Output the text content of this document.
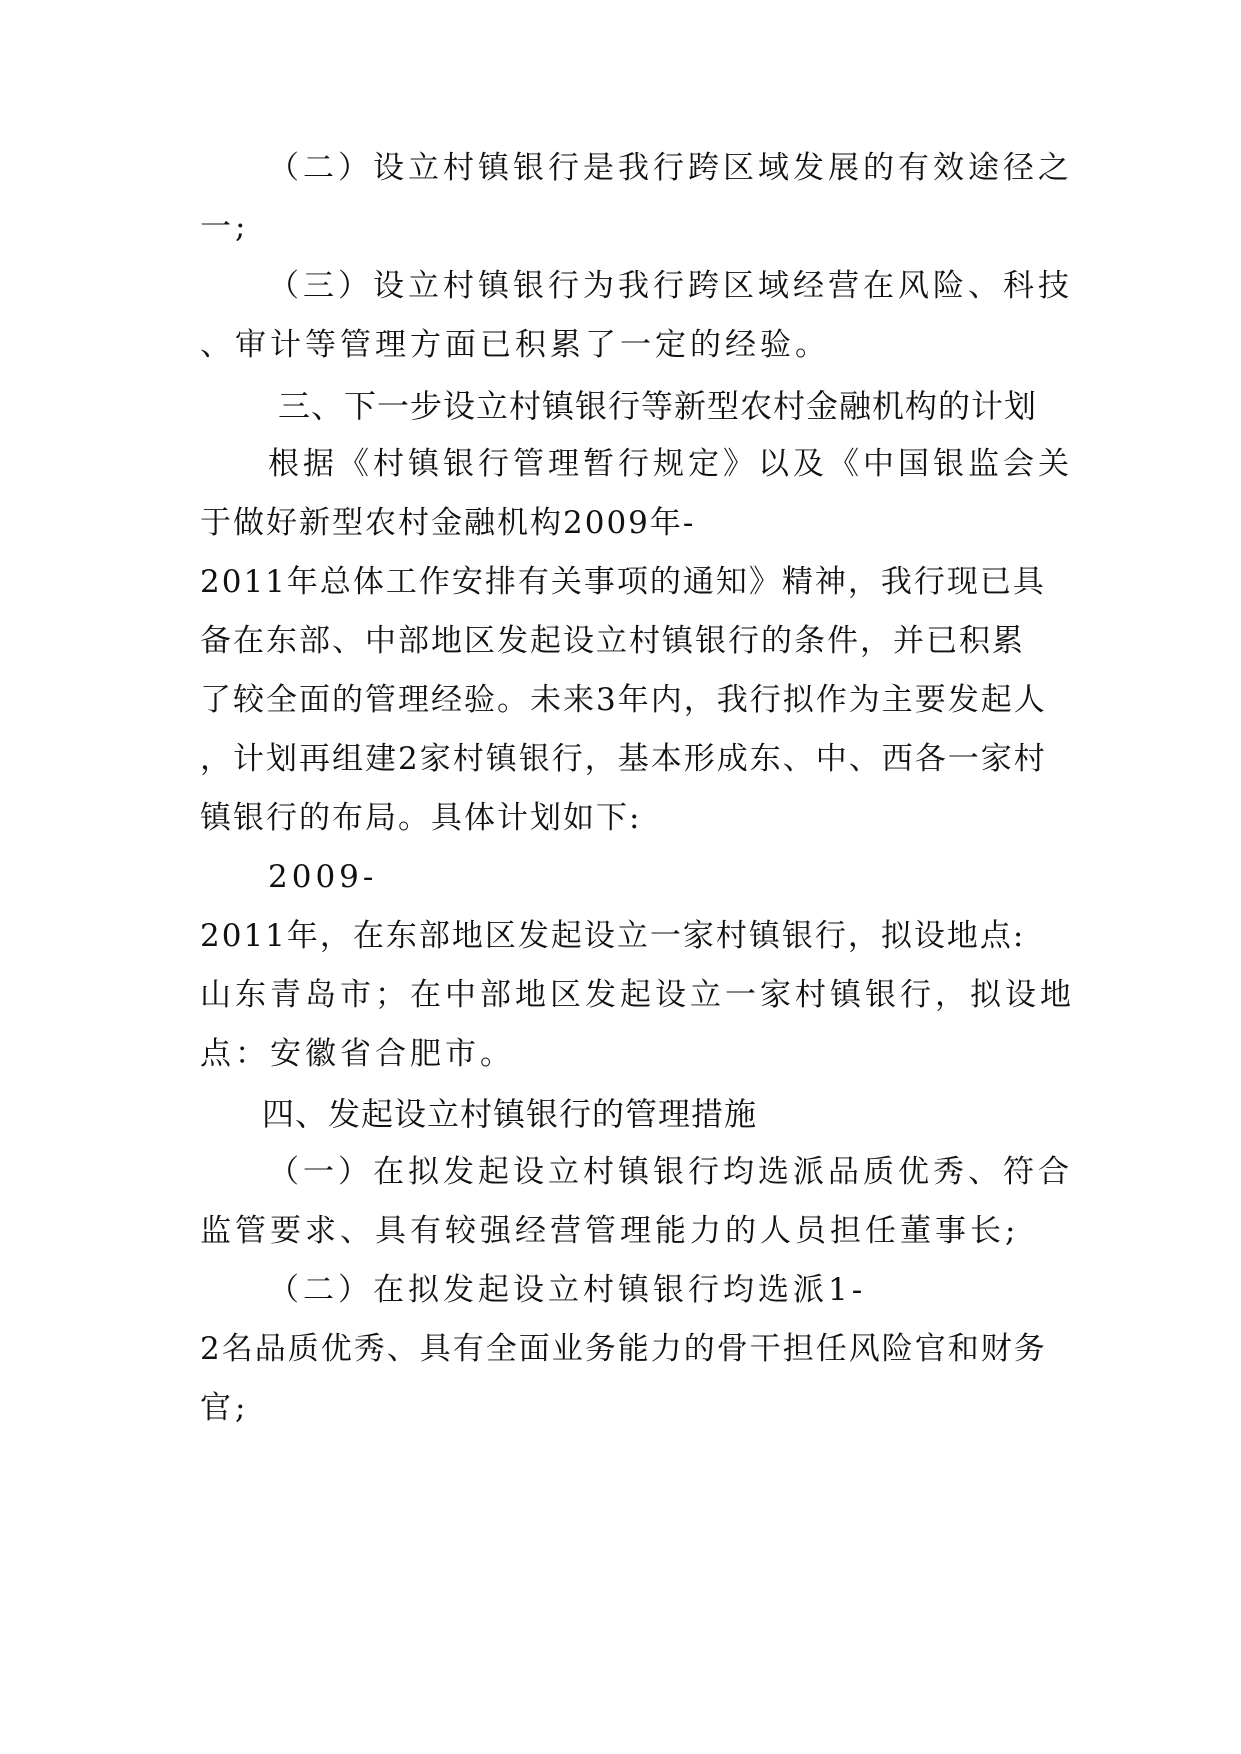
（二）设立村镇银行是我行跨区域发展的有效途径之
一;
（三）设立村镇银行为我行跨区域经营在风险、科技
、审计等管理方面已积累了一定的经验。
三、下一步设立村镇银行等新型农村金融机构的计划
根据《村镇银行管理暂行规定》以及《中国银监会关
于做好新型农村金融机构2009年-
2011年总体工作安排有关事项的通知》精神，我行现已具
备在东部、中部地区发起设立村镇银行的条件，并已积累
了较全面的管理经验。未来3年内，我行拟作为主要发起人
，计划再组建2家村镇银行，基本形成东、中、西各一家村
镇银行的布局。具体计划如下:
2009-
2011年，在东部地区发起设立一家村镇银行，拟设地点:
山东青岛市；在中部地区发起设立一家村镇银行，拟设地
点：安徽省合肥市。
四、发起设立村镇银行的管理措施
（一）在拟发起设立村镇银行均选派品质优秀、符合
监管要求、具有较强经营管理能力的人员担任董事长;
（二）在拟发起设立村镇银行均选派1-
2名品质优秀、具有全面业务能力的骨干担任风险官和财务
官;
